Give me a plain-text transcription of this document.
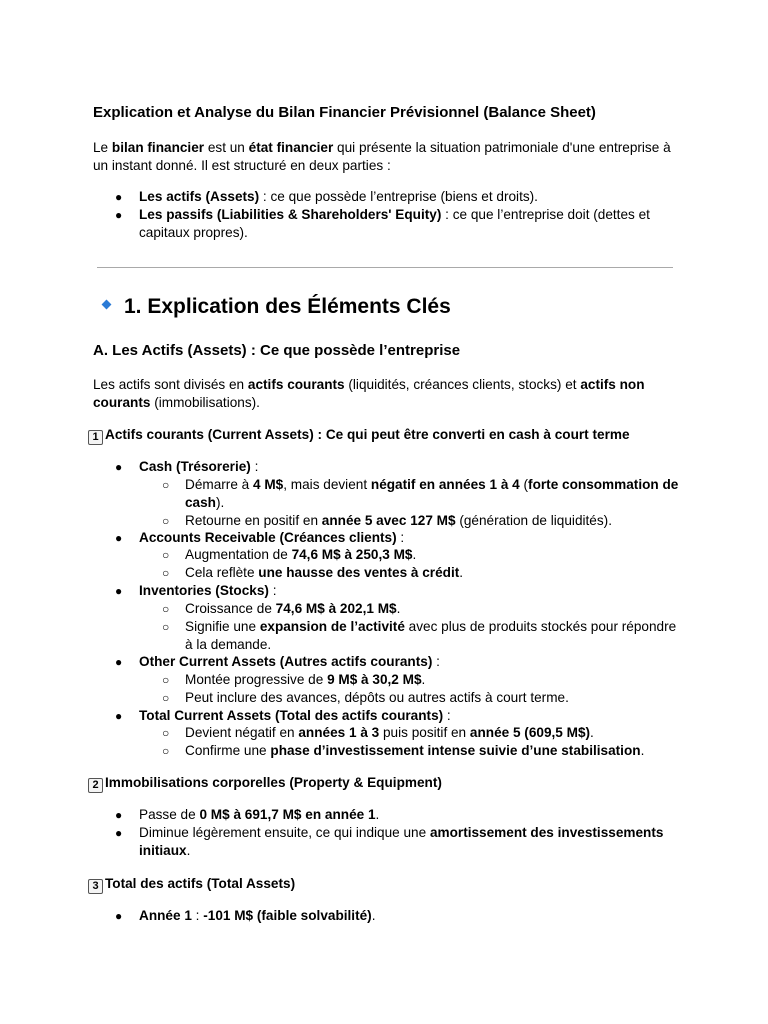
Explication et Analyse du Bilan Financier Prévisionnel (Balance Sheet)
Le bilan financier est un état financier qui présente la situation patrimoniale d'une entreprise à un instant donné. Il est structuré en deux parties :
● Les actifs (Assets) : ce que possède l’entreprise (biens et droits).
● Les passifs (Liabilities & Shareholders' Equity) : ce que l’entreprise doit (dettes et capitaux propres).
1. Explication des Éléments Clés
A. Les Actifs (Assets) : Ce que possède l’entreprise
Les actifs sont divisés en actifs courants (liquidités, créances clients, stocks) et actifs non courants (immobilisations).
1 Actifs courants (Current Assets) : Ce qui peut être converti en cash à court terme
● Cash (Trésorerie) :
○ Démarre à 4 M$, mais devient négatif en années 1 à 4 (forte consommation de cash).
○ Retourne en positif en année 5 avec 127 M$ (génération de liquidités).
● Accounts Receivable (Créances clients) :
○ Augmentation de 74,6 M$ à 250,3 M$.
○ Cela reflète une hausse des ventes à crédit.
● Inventories (Stocks) :
○ Croissance de 74,6 M$ à 202,1 M$.
○ Signifie une expansion de l’activité avec plus de produits stockés pour répondre à la demande.
● Other Current Assets (Autres actifs courants) :
○ Montée progressive de 9 M$ à 30,2 M$.
○ Peut inclure des avances, dépôts ou autres actifs à court terme.
● Total Current Assets (Total des actifs courants) :
○ Devient négatif en années 1 à 3 puis positif en année 5 (609,5 M$).
○ Confirme une phase d’investissement intense suivie d’une stabilisation.
2 Immobilisations corporelles (Property & Equipment)
● Passe de 0 M$ à 691,7 M$ en année 1.
● Diminue légèrement ensuite, ce qui indique une amortissement des investissements initiaux.
3 Total des actifs (Total Assets)
● Année 1 : -101 M$ (faible solvabilité).
